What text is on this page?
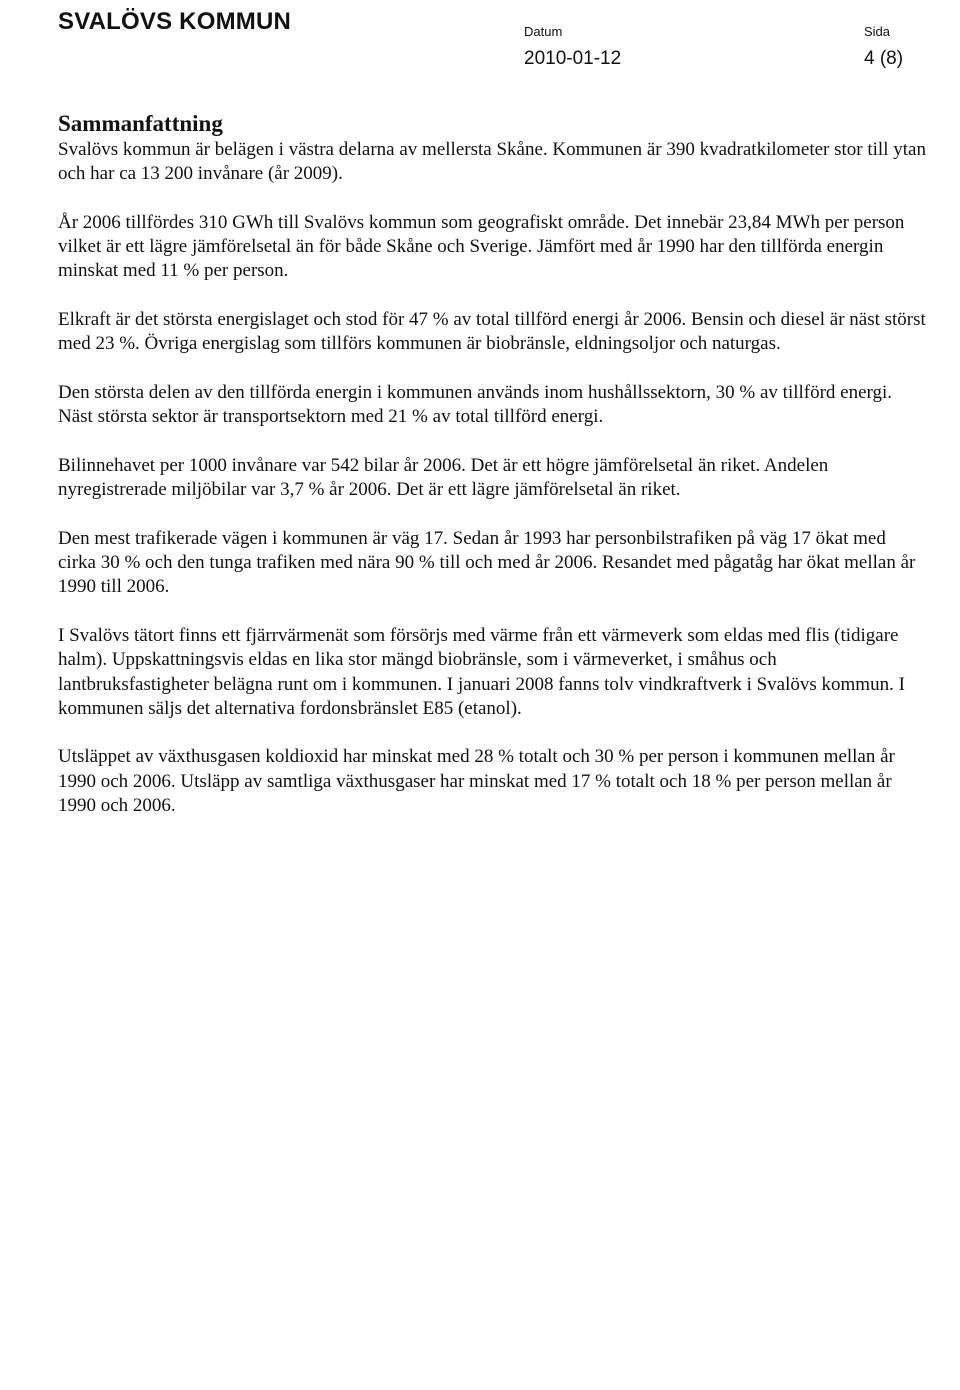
SVALÖVS KOMMUN	Datum	Sida
2010-01-12	4 (8)
Sammanfattning

Svalövs kommun är belägen i västra delarna av mellersta Skåne. Kommunen är 390 kvadratkilometer stor till ytan och har ca 13 200 invånare (år 2009).

År 2006 tillfördes 310 GWh till Svalövs kommun som geografiskt område. Det innebär 23,84 MWh per person vilket är ett lägre jämförelsetal än för både Skåne och Sverige. Jämfört med år 1990 har den tillförda energin minskat med 11 % per person.

Elkraft är det största energislaget och stod för 47 % av total tillförd energi år 2006. Bensin och diesel är näst störst med 23 %. Övriga energislag som tillförs kommunen är biobränsle, eldningsoljor och naturgas.

Den största delen av den tillförda energin i kommunen används inom hushållssektorn, 30 % av tillförd energi. Näst största sektor är transportsektorn med 21 % av total tillförd energi.

Bilinnehavet per 1000 invånare var 542 bilar år 2006. Det är ett högre jämförelsetal än riket. Andelen nyregistrerade miljöbilar var 3,7 % år 2006. Det är ett lägre jämförelsetal än riket.

Den mest trafikerade vägen i kommunen är väg 17. Sedan år 1993 har personbilstrafiken på väg 17 ökat med cirka 30 % och den tunga trafiken med nära 90 % till och med år 2006. Resandet med pågatåg har ökat mellan år 1990 till 2006.

I Svalövs tätort finns ett fjärrvärmenät som försörjs med värme från ett värmeverk som eldas med flis (tidigare halm). Uppskattningsvis eldas en lika stor mängd biobränsle, som i värmeverket, i småhus och lantbruksfastigheter belägna runt om i kommunen. I januari 2008 fanns tolv vindkraftverk i Svalövs kommun. I kommunen säljs det alternativa fordonsbränslet E85 (etanol).

Utsläppet av växthusgasen koldioxid har minskat med 28 % totalt och 30 % per person i kommunen mellan år 1990 och 2006. Utsläpp av samtliga växthusgaser har minskat med 17 % totalt och 18 % per person mellan år 1990 och 2006.
